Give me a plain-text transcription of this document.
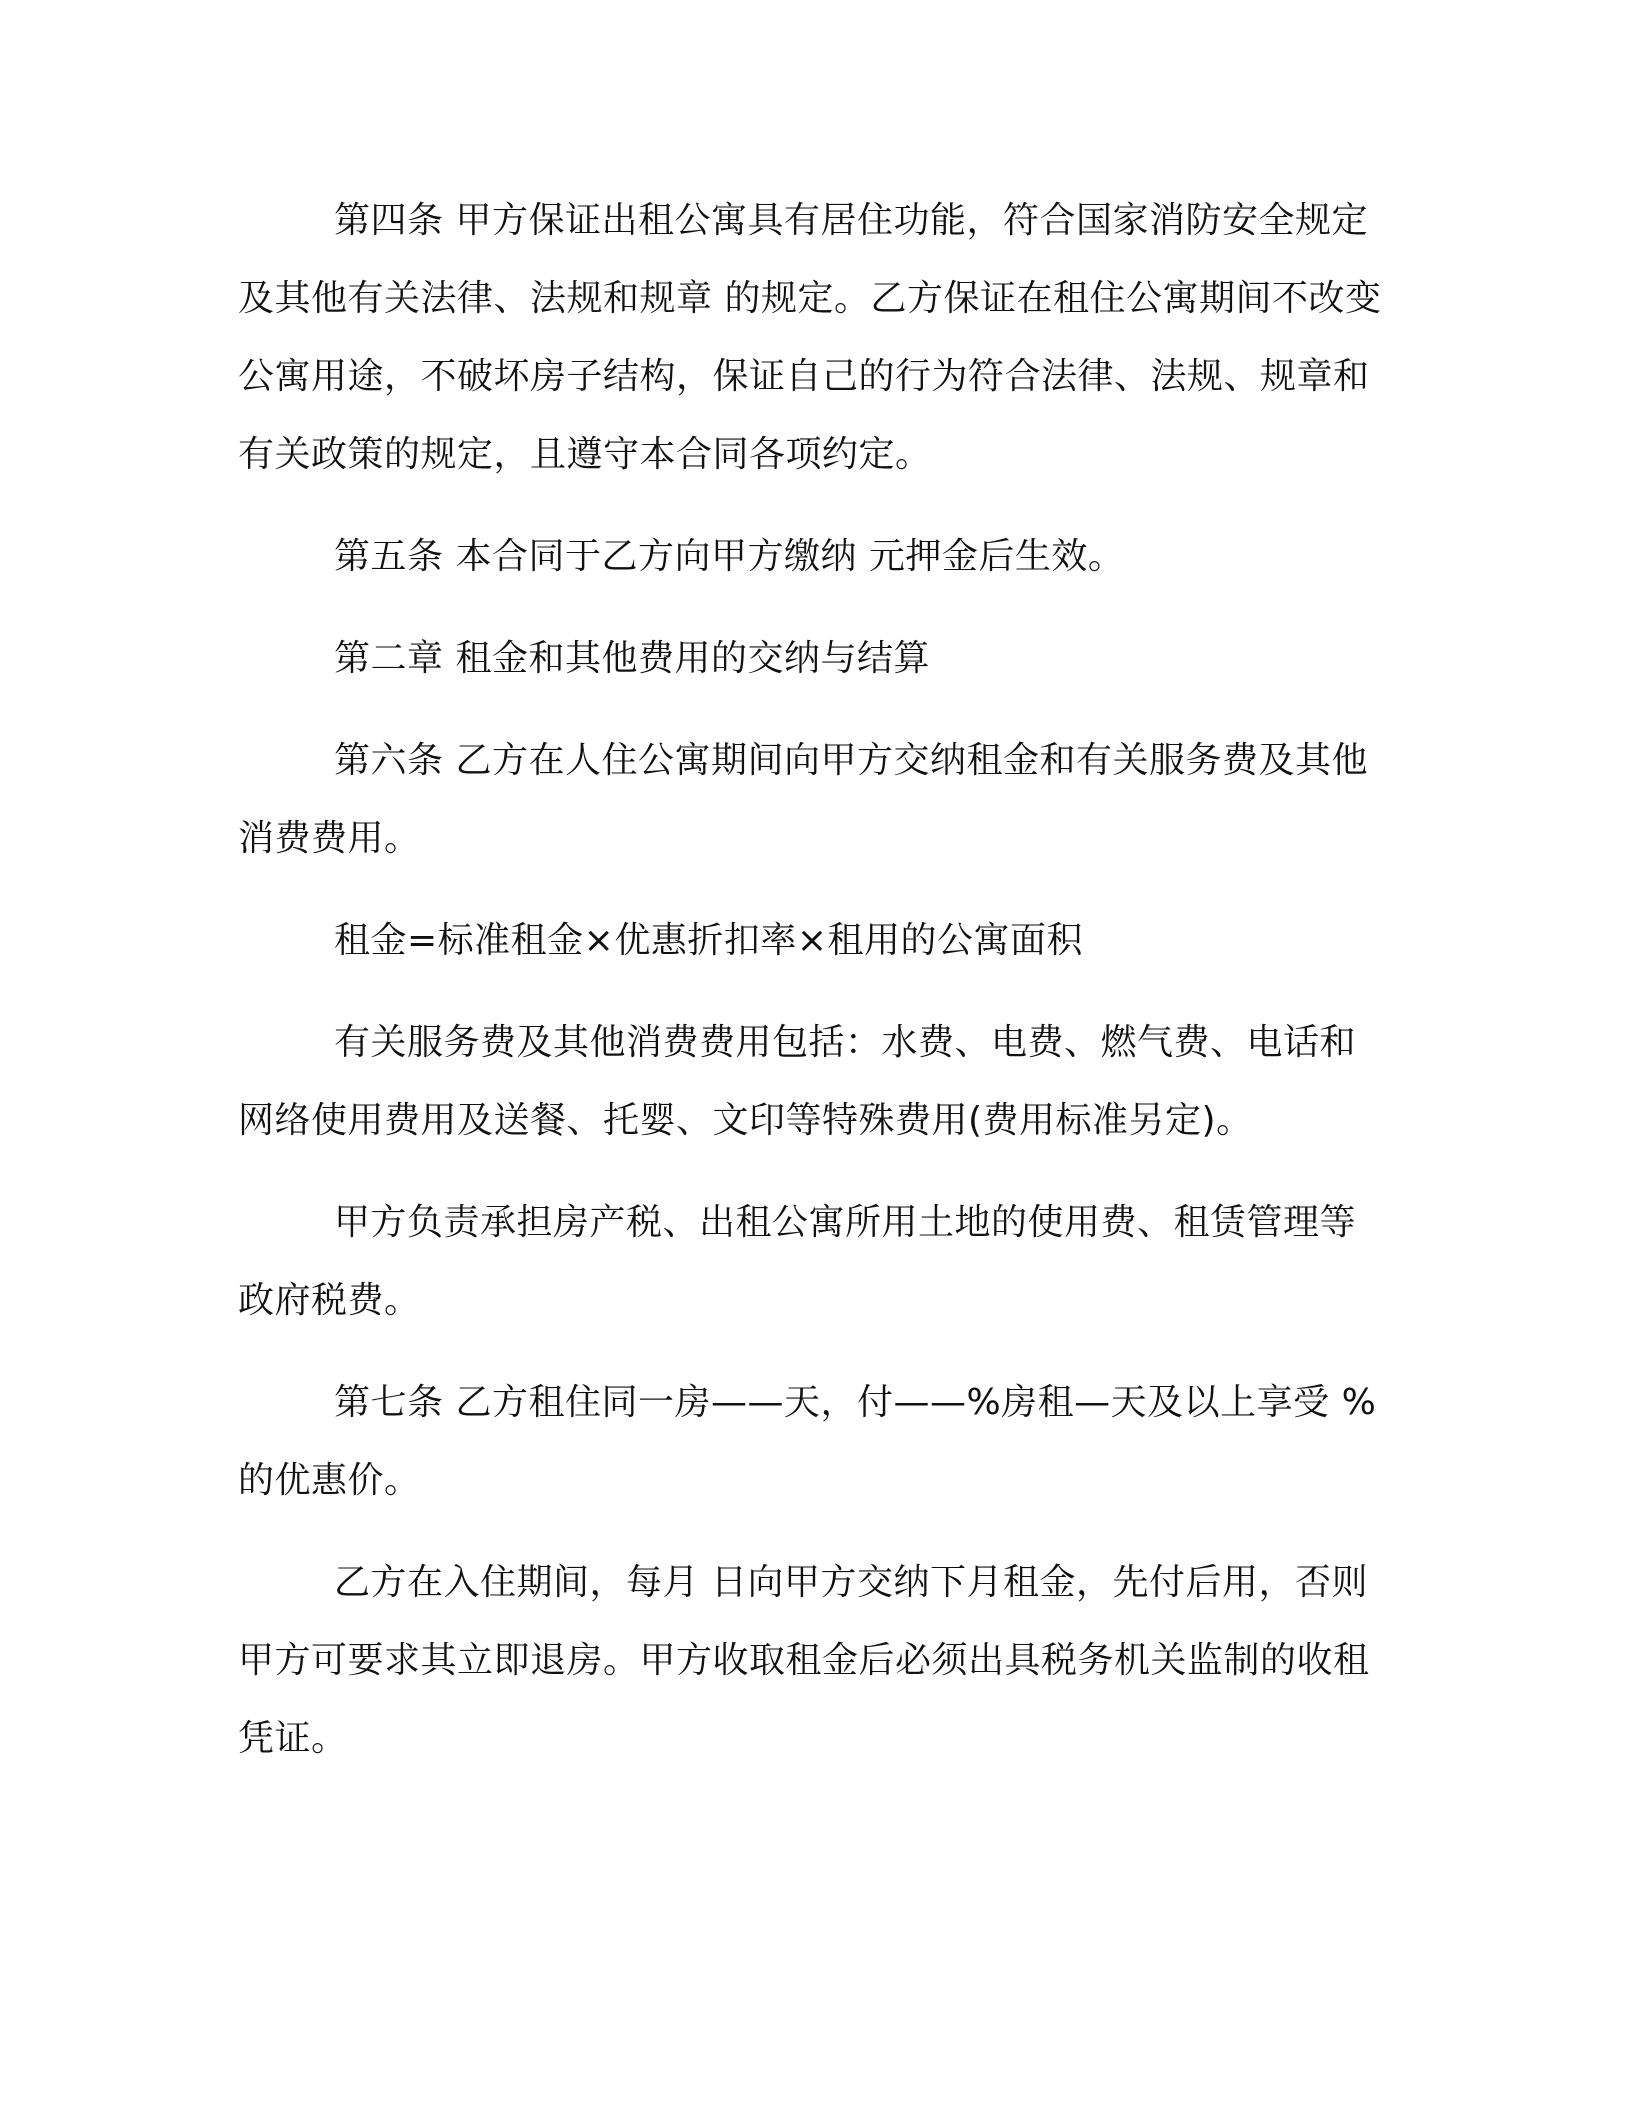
第四条 甲方保证出租公寓具有居住功能，符合国家消防安全规定及其他有关法律、法规和规章 的规定。乙方保证在租住公寓期间不改变公寓用途，不破坏房子结构，保证自己的行为符合法律、法规、规章和有关政策的规定，且遵守本合同各项约定。

第五条 本合同于乙方向甲方缴纳 元押金后生效。

第二章 租金和其他费用的交纳与结算

第六条 乙方在人住公寓期间向甲方交纳租金和有关服务费及其他消费费用。

租金=标准租金×优惠折扣率×租用的公寓面积

有关服务费及其他消费费用包括：水费、电费、燃气费、电话和网络使用费用及送餐、托婴、文印等特殊费用(费用标准另定)。

甲方负责承担房产税、出租公寓所用土地的使用费、租赁管理等政府税费。

第七条 乙方租住同一房——天，付——%房租—天及以上享受 %的优惠价。

乙方在入住期间，每月 日向甲方交纳下月租金，先付后用，否则甲方可要求其立即退房。甲方收取租金后必须出具税务机关监制的收租凭证。
